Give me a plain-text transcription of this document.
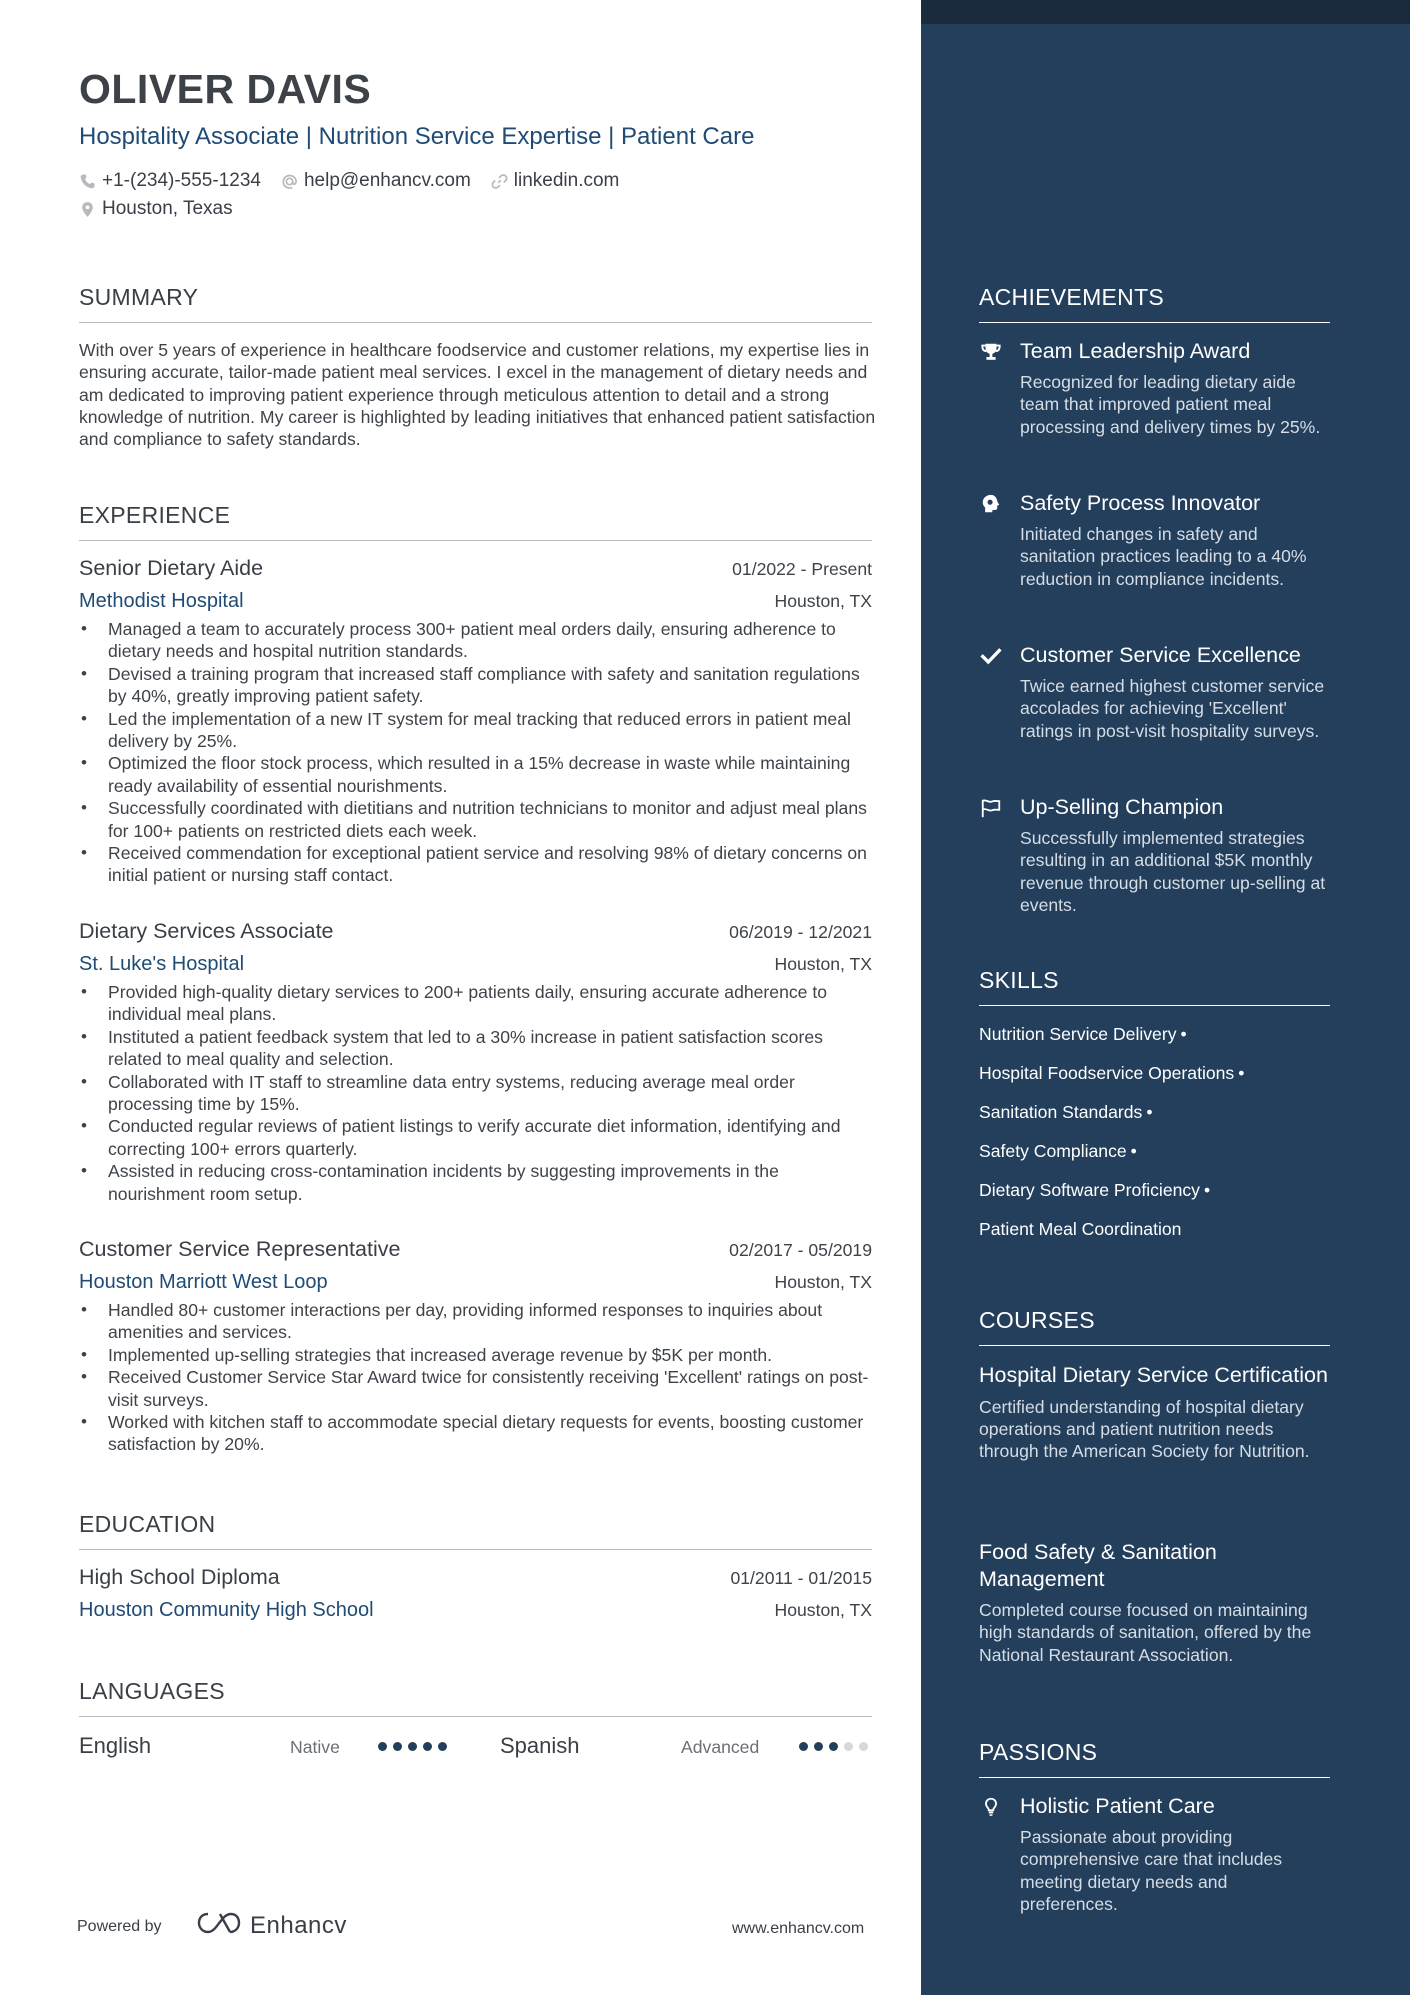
OLIVER DAVIS
Hospitality Associate | Nutrition Service Expertise | Patient Care
+1-(234)-555-1234 help@enhancv.com linkedin.com
Houston, Texas
SUMMARY
With over 5 years of experience in healthcare foodservice and customer relations, my expertise lies in ensuring accurate, tailor-made patient meal services. I excel in the management of dietary needs and am dedicated to improving patient experience through meticulous attention to detail and a strong knowledge of nutrition. My career is highlighted by leading initiatives that enhanced patient satisfaction and compliance to safety standards.
EXPERIENCE
Senior Dietary Aide	01/2022 - Present
Methodist Hospital	Houston, TX
• Managed a team to accurately process 300+ patient meal orders daily, ensuring adherence to dietary needs and hospital nutrition standards.
• Devised a training program that increased staff compliance with safety and sanitation regulations by 40%, greatly improving patient safety.
• Led the implementation of a new IT system for meal tracking that reduced errors in patient meal delivery by 25%.
• Optimized the floor stock process, which resulted in a 15% decrease in waste while maintaining ready availability of essential nourishments.
• Successfully coordinated with dietitians and nutrition technicians to monitor and adjust meal plans for 100+ patients on restricted diets each week.
• Received commendation for exceptional patient service and resolving 98% of dietary concerns on initial patient or nursing staff contact.
Dietary Services Associate	06/2019 - 12/2021
St. Luke's Hospital	Houston, TX
• Provided high-quality dietary services to 200+ patients daily, ensuring accurate adherence to individual meal plans.
• Instituted a patient feedback system that led to a 30% increase in patient satisfaction scores related to meal quality and selection.
• Collaborated with IT staff to streamline data entry systems, reducing average meal order processing time by 15%.
• Conducted regular reviews of patient listings to verify accurate diet information, identifying and correcting 100+ errors quarterly.
• Assisted in reducing cross-contamination incidents by suggesting improvements in the nourishment room setup.
Customer Service Representative	02/2017 - 05/2019
Houston Marriott West Loop	Houston, TX
• Handled 80+ customer interactions per day, providing informed responses to inquiries about amenities and services.
• Implemented up-selling strategies that increased average revenue by $5K per month.
• Received Customer Service Star Award twice for consistently receiving 'Excellent' ratings on post-visit surveys.
• Worked with kitchen staff to accommodate special dietary requests for events, boosting customer satisfaction by 20%.
EDUCATION
High School Diploma	01/2011 - 01/2015
Houston Community High School	Houston, TX
LANGUAGES
English	Native	Spanish	Advanced
Powered by	Enhancv	www.enhancv.com
ACHIEVEMENTS
Team Leadership Award
Recognized for leading dietary aide team that improved patient meal processing and delivery times by 25%.
Safety Process Innovator
Initiated changes in safety and sanitation practices leading to a 40% reduction in compliance incidents.
Customer Service Excellence
Twice earned highest customer service accolades for achieving 'Excellent' ratings in post-visit hospitality surveys.
Up-Selling Champion
Successfully implemented strategies resulting in an additional $5K monthly revenue through customer up-selling at events.
SKILLS
Nutrition Service Delivery •
Hospital Foodservice Operations •
Sanitation Standards •
Safety Compliance •
Dietary Software Proficiency •
Patient Meal Coordination
COURSES
Hospital Dietary Service Certification
Certified understanding of hospital dietary operations and patient nutrition needs through the American Society for Nutrition.
Food Safety & Sanitation Management
Completed course focused on maintaining high standards of sanitation, offered by the National Restaurant Association.
PASSIONS
Holistic Patient Care
Passionate about providing comprehensive care that includes meeting dietary needs and preferences.
